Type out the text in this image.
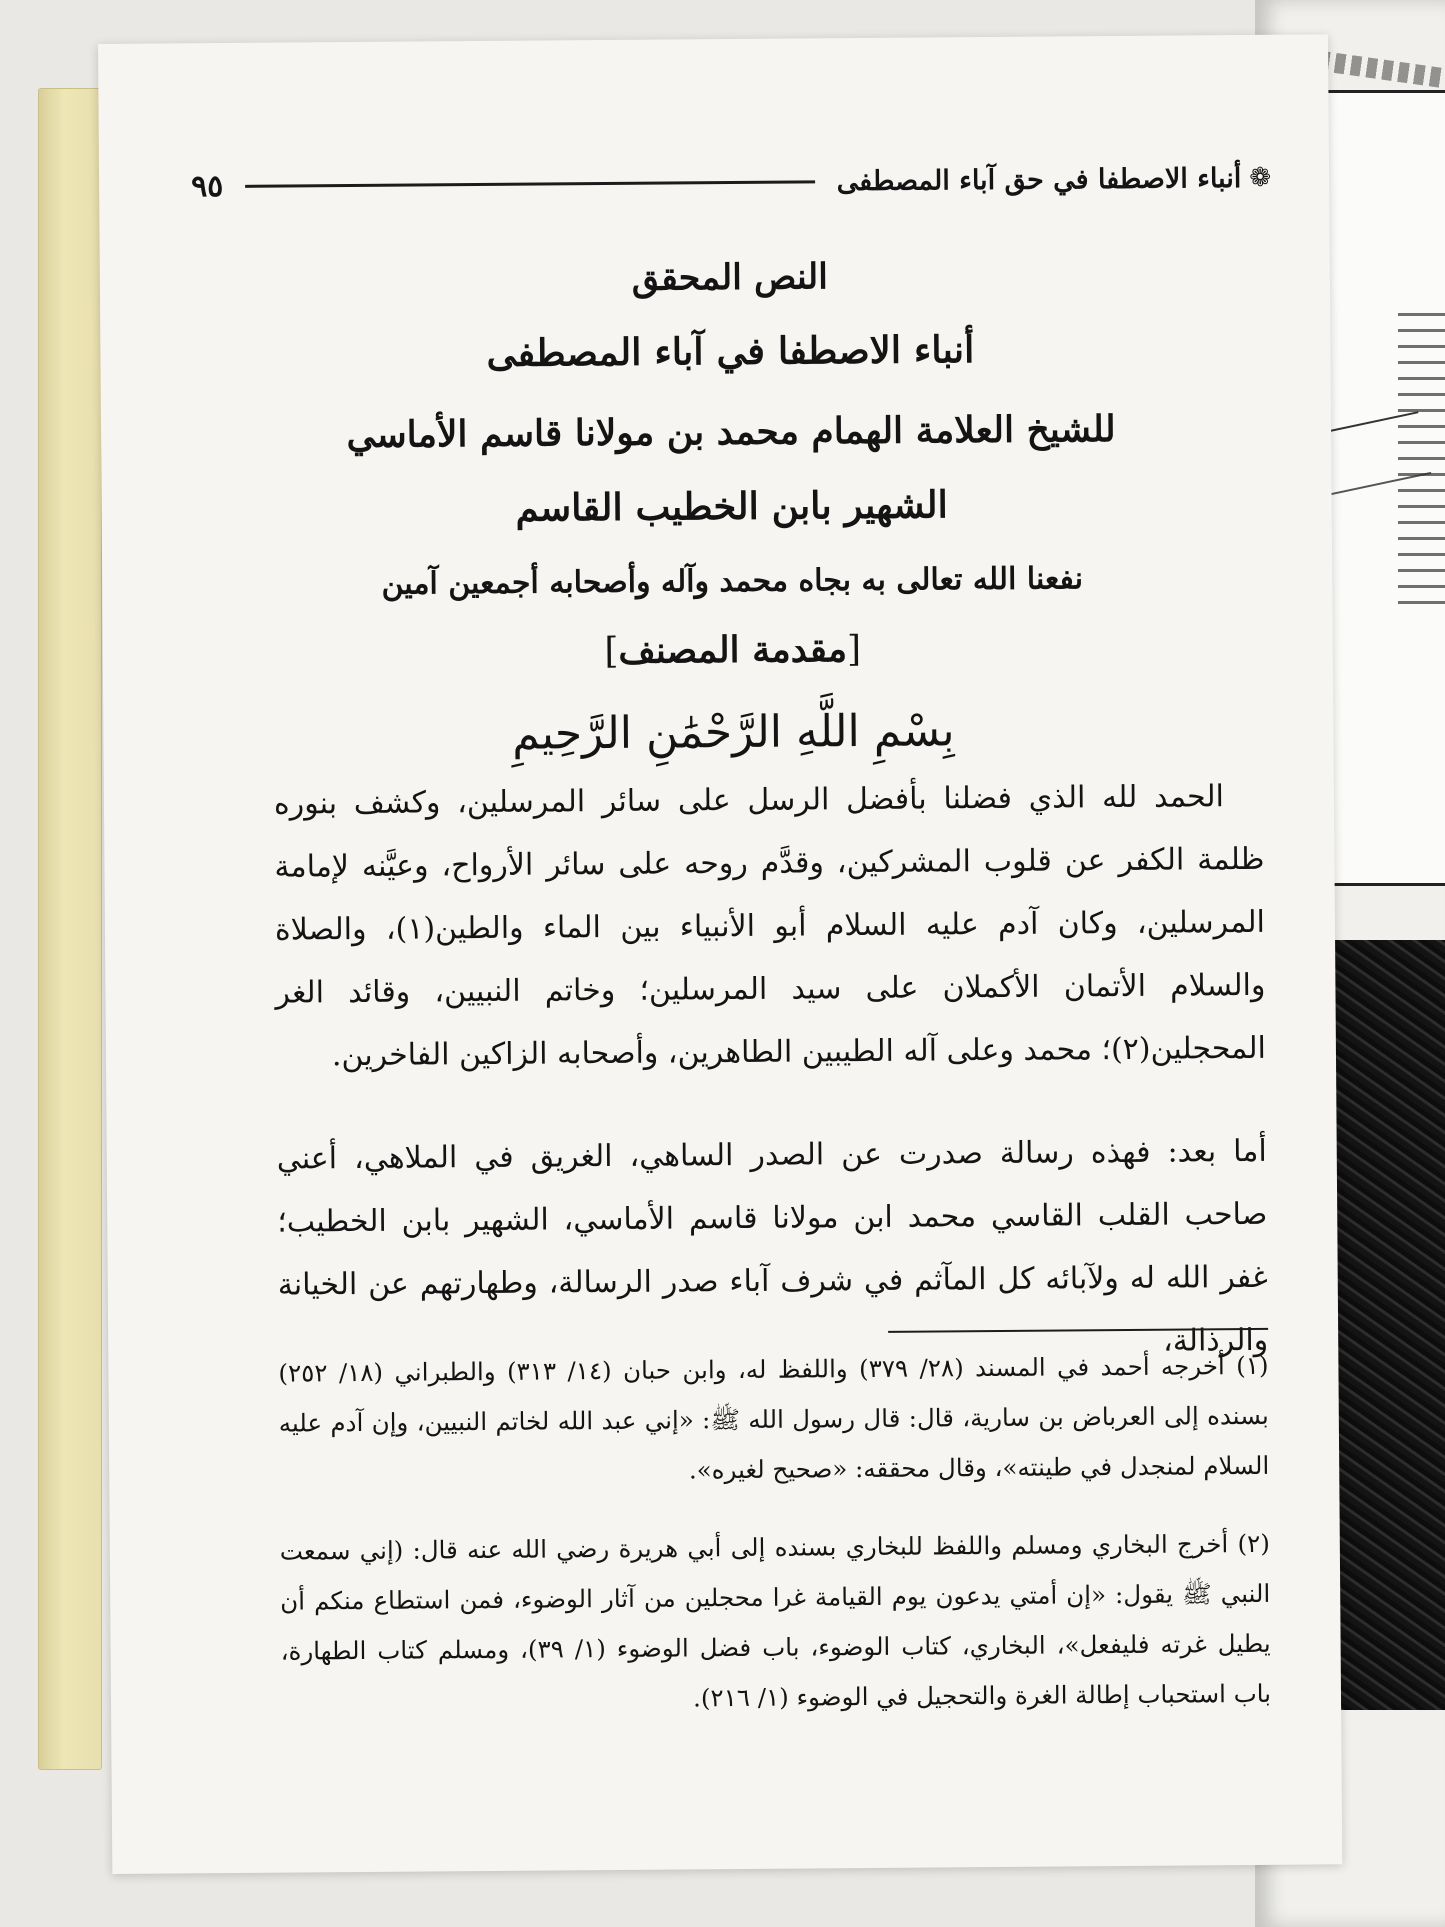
❁
أنباء الاصطفا في حق آباء المصطفى
٩٥
النص المحقق
أنباء الاصطفا في آباء المصطفى
للشيخ العلامة الهمام محمد بن مولانا قاسم الأماسي
الشهير بابن الخطيب القاسم
نفعنا الله تعالى به بجاه محمد وآله وأصحابه أجمعين آمين
[مقدمة المصنف]
بِسْمِ اللَّهِ الرَّحْمَٰنِ الرَّحِيمِ
الحمد لله الذي فضلنا بأفضل الرسل على سائر المرسلين، وكشف بنوره ظلمة الكفر عن قلوب المشركين، وقدَّم روحه على سائر الأرواح، وعيَّنه لإمامة المرسلين، وكان آدم عليه السلام أبو الأنبياء بين الماء والطين(١)، والصلاة والسلام الأتمان الأكملان على سيد المرسلين؛ وخاتم النبيين، وقائد الغر المحجلين(٢)؛ محمد وعلى آله الطيبين الطاهرين، وأصحابه الزاكين الفاخرين.
أما بعد: فهذه رسالة صدرت عن الصدر الساهي، الغريق في الملاهي، أعني صاحب القلب القاسي محمد ابن مولانا قاسم الأماسي، الشهير بابن الخطيب؛ غفر الله له ولآبائه كل المآثم في شرف آباء صدر الرسالة، وطهارتهم عن الخيانة والرذالة،
(١) أخرجه أحمد في المسند (٢٨/ ٣٧٩) واللفظ له، وابن حبان (١٤/ ٣١٣) والطبراني (١٨/ ٢٥٢) بسنده إلى العرباض بن سارية، قال: قال رسول الله ﷺ: «إني عبد الله لخاتم النبيين، وإن آدم عليه السلام لمنجدل في طينته»، وقال محققه: «صحيح لغيره».
(٢) أخرج البخاري ومسلم واللفظ للبخاري بسنده إلى أبي هريرة رضي الله عنه قال: (إني سمعت النبي ﷺ يقول: «إن أمتي يدعون يوم القيامة غرا محجلين من آثار الوضوء، فمن استطاع منكم أن يطيل غرته فليفعل»، البخاري، كتاب الوضوء، باب فضل الوضوء (١/ ٣٩)، ومسلم كتاب الطهارة، باب استحباب إطالة الغرة والتحجيل في الوضوء (١/ ٢١٦).
